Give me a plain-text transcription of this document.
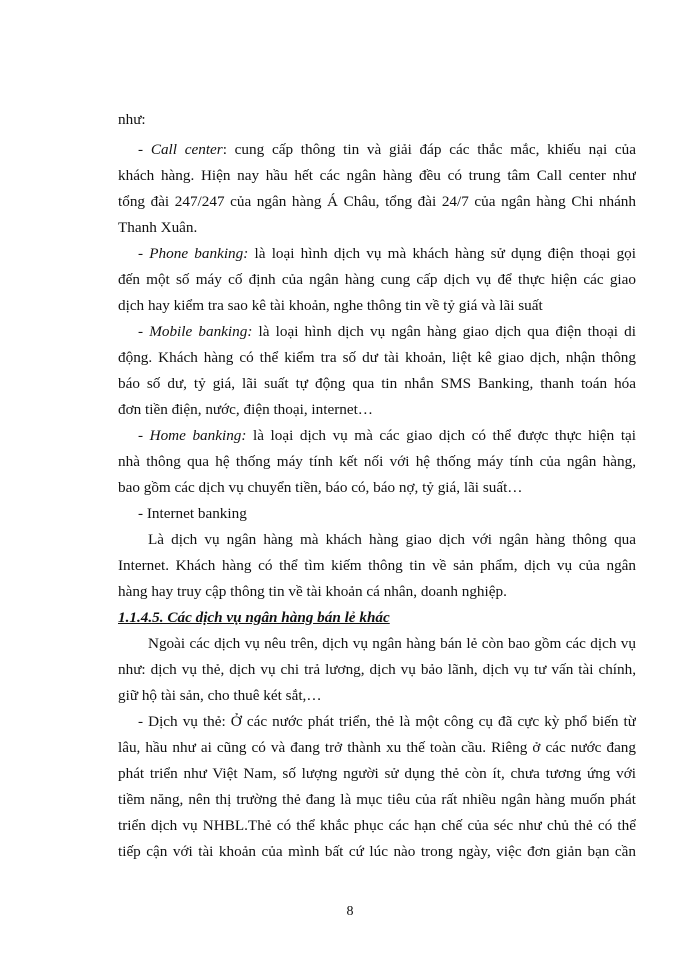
như:
- Call center: cung cấp thông tin và giải đáp các thắc mắc, khiếu nại của
khách hàng. Hiện nay hầu hết các ngân hàng đều có trung tâm Call center như
tổng đài 247/247 của ngân hàng Á Châu, tổng đài 24/7 của ngân hàng Chi nhánh
Thanh Xuân.
- Phone banking: là loại hình dịch vụ mà khách hàng sử dụng điện thoại gọi
đến một số máy cố định của ngân hàng cung cấp dịch vụ để thực hiện các giao
dịch hay kiểm tra sao kê tài khoản, nghe thông tin về tỷ giá và lãi suất
- Mobile banking: là loại hình dịch vụ ngân hàng giao dịch qua điện thoại di
động. Khách hàng có thể kiểm tra số dư tài khoản, liệt kê giao dịch, nhận thông
báo số dư, tỷ giá, lãi suất tự động qua tin nhắn SMS Banking, thanh toán hóa
đơn tiền điện, nước, điện thoại, internet…
- Home banking: là loại dịch vụ mà các giao dịch có thể được thực hiện tại
nhà thông qua hệ thống máy tính kết nối với hệ thống máy tính của ngân hàng,
bao gồm các dịch vụ chuyển tiền, báo có, báo nợ, tỷ giá, lãi suất…
- Internet banking
Là dịch vụ ngân hàng mà khách hàng giao dịch với ngân hàng thông qua
Internet. Khách hàng có thể tìm kiếm thông tin về sản phẩm, dịch vụ của ngân
hàng hay truy cập thông tin về tài khoản cá nhân, doanh nghiệp.
1.1.4.5. Các dịch vụ ngân hàng bán lẻ khác
Ngoài các dịch vụ nêu trên, dịch vụ ngân hàng bán lẻ còn bao gồm các dịch vụ
như: dịch vụ thẻ, dịch vụ chi trả lương, dịch vụ bảo lãnh, dịch vụ tư vấn tài chính,
giữ hộ tài sản, cho thuê két sắt,…
- Dịch vụ thẻ: Ở các nước phát triển, thẻ là một công cụ đã cực kỳ phổ biến từ
lâu, hầu như ai cũng có và đang trở thành xu thế toàn cầu. Riêng ở các nước đang
phát triển như Việt Nam, số lượng người sử dụng thẻ còn ít, chưa tương ứng với
tiềm năng, nên thị trường thẻ đang là mục tiêu của rất nhiều ngân hàng muốn phát
triển dịch vụ NHBL.Thẻ có thể khắc phục các hạn chế của séc như chủ thẻ có thể
tiếp cận với tài khoản của mình bất cứ lúc nào trong ngày, việc đơn giản bạn cần
8
